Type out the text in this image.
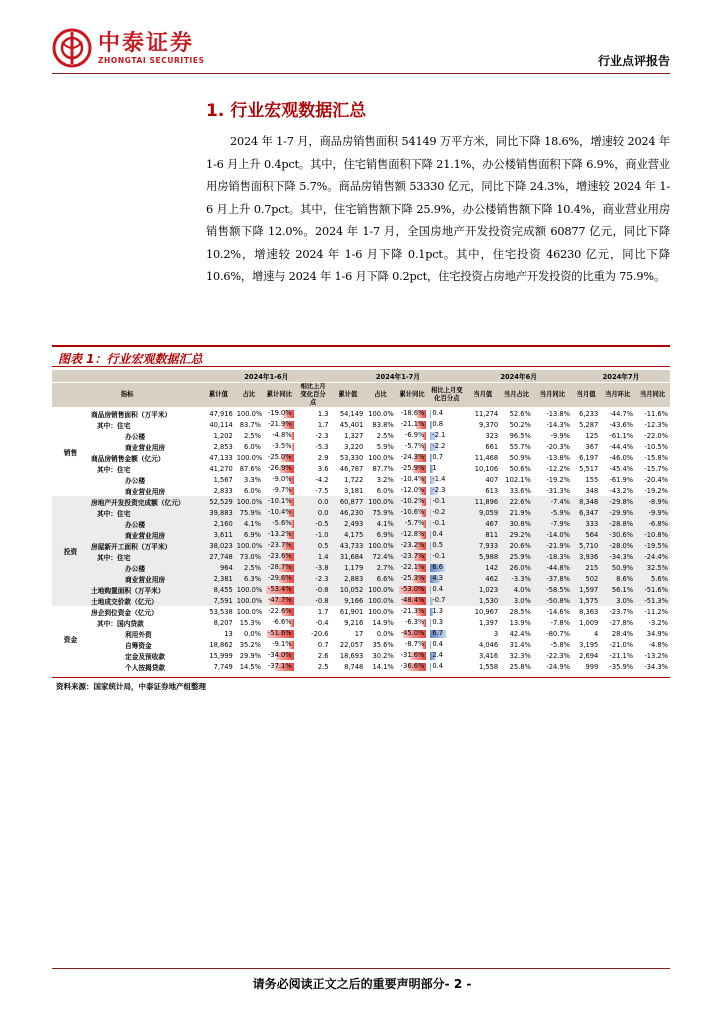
中泰证券
ZHONGTAI SECURITIES	行业点评报告
1. 行业宏观数据汇总
2024 年 1-7 月，商品房销售面积 54149 万平方米，同比下降 18.6%，增速较 2024 年 1-6 月上升 0.4pct。其中，住宅销售面积下降 21.1%，办公楼销售面积下降 6.9%，商业营业用房销售面积下降 5.7%。商品房销售额 53330 亿元，同比下降 24.3%，增速较 2024 年 1-6 月上升 0.7pct。其中，住宅销售额下降 25.9%，办公楼销售额下降 10.4%，商业营业用房销售额下降 12.0%。2024 年 1-7 月，全国房地产开发投资完成额 60877 亿元，同比下降 10.2%，增速较 2024 年 1-6 月下降 0.1pct。其中，住宅投资 46230 亿元，同比下降 10.6%，增速与 2024 年 1-6 月下降 0.2pct，住宅投资占房地产开发投资的比重为 75.9%。
图表 1：行业宏观数据汇总
		2024年1-6月				2024年1-7月				2024年6月			2024年7月		
指标		累计值	占比	累计同比	相比上月变化百分点	累计值	占比	累计同比	相比上月变化百分点	当月值	当月占比	当月同比	当月值	当月环比	当月同比
销售	商品房销售面积（万平米）	47,916	100.0%	-19.0%	1.3	54,149	100.0%	-18.6%	0.4	11,274	52.6%	-13.8%	6,233	-44.7%	-11.6%
	其中：住宅	40,114	83.7%	-21.9%	1.7	45,401	83.8%	-21.1%	0.8	9,370	50.2%	-14.3%	5,287	-43.6%	-12.3%
	办公楼	1,202	2.5%	-4.8%	-2.3	1,327	2.5%	-6.9%	-2.1	323	96.5%	-9.9%	125	-61.1%	-22.0%
	商业营业用房	2,853	6.0%	-3.5%	-5.3	3,220	5.9%	-5.7%	-2.2	661	55.7%	-20.3%	367	-44.4%	-10.5%
	商品房销售金额（亿元）	47,133	100.0%	-25.0%	2.9	53,330	100.0%	-24.3%	0.7	11,468	50.9%	-13.8%	6,197	-46.0%	-15.8%
	其中：住宅	41,270	87.6%	-26.9%	3.6	46,787	87.7%	-25.9%	1	10,106	50.6%	-12.2%	5,517	-45.4%	-15.7%
	办公楼	1,567	3.3%	-9.0%	-4.2	1,722	3.2%	-10.4%	-1.4	407	102.1%	-19.2%	155	-61.9%	-20.4%
	商业营业用房	2,833	6.0%	-9.7%	-7.5	3,181	6.0%	-12.0%	-2.3	613	33.6%	-31.3%	348	-43.2%	-19.2%
投资	房地产开发投资完成额（亿元）	52,529	100.0%	-10.1%	0.0	60,877	100.0%	-10.2%	-0.1	11,896	22.6%	-7.4%	8,348	-29.8%	-8.9%
	其中：住宅	39,883	75.9%	-10.4%	0.0	46,230	75.9%	-10.6%	-0.2	9,059	21.9%	-5.9%	6,347	-29.9%	-9.9%
	办公楼	2,160	4.1%	-5.6%	-0.5	2,493	4.1%	-5.7%	-0.1	467	30.8%	-7.9%	333	-28.8%	-6.8%
	商业营业用房	3,611	6.9%	-13.2%	-1.0	4,175	6.9%	-12.8%	0.4	811	29.2%	-14.0%	564	-30.6%	-10.8%
	房屋新开工面积（万平米）	38,023	100.0%	-23.7%	0.5	43,733	100.0%	-23.2%	0.5	7,933	20.6%	-21.9%	5,710	-28.0%	-19.5%
	其中：住宅	27,748	73.0%	-23.6%	1.4	31,684	72.4%	-23.7%	-0.1	5,988	25.9%	-18.3%	3,936	-34.3%	-24.4%
	办公楼	964	2.5%	-28.7%	-3.8	1,179	2.7%	-22.1%	6.6	142	26.0%	-44.8%	215	50.9%	32.5%
	商业营业用房	2,381	6.3%	-29.6%	-2.3	2,883	6.6%	-25.3%	4.3	462	-3.3%	-37.8%	502	8.6%	5.6%
	土地购置面积（万平米）	8,455	100.0%	-53.4%	-0.8	10,052	100.0%	-53.0%	0.4	1,023	4.0%	-58.5%	1,597	56.1%	-51.6%
	土地成交价款（亿元）	7,591	100.0%	-47.7%	-0.8	9,166	100.0%	-48.4%	-0.7	1,530	3.0%	-50.8%	1,575	3.0%	-51.3%
资金	房企到位资金（亿元）	53,538	100.0%	-22.6%	1.7	61,901	100.0%	-21.3%	1.3	10,967	28.5%	-14.6%	8,363	-23.7%	-11.2%
	其中：国内贷款	8,207	15.3%	-6.6%	-0.4	9,216	14.9%	-6.3%	0.3	1,397	13.9%	-7.8%	1,009	-27.8%	-3.2%
	利用外资	13	0.0%	-51.6%	-20.6	17	0.0%	-45.0%	6.7	3	42.4%	-80.7%	4	28.4%	34.9%
	自筹资金	18,862	35.2%	-9.1%	0.7	22,057	35.6%	-8.7%	0.4	4,046	31.4%	-5.8%	3,195	-21.0%	-4.8%
	定金及预收款	15,999	29.9%	-34.0%	2.6	18,693	30.2%	-31.6%	2.4	3,416	32.3%	-22.3%	2,694	-21.1%	-13.2%
	个人按揭贷款	7,749	14.5%	-37.1%	2.5	8,748	14.1%	-36.6%	0.4	1,558	25.8%	-24.9%	999	-35.9%	-34.3%
资料来源：国家统计局，中泰证券地产组整理
请务必阅读正文之后的重要声明部分- 2 -
